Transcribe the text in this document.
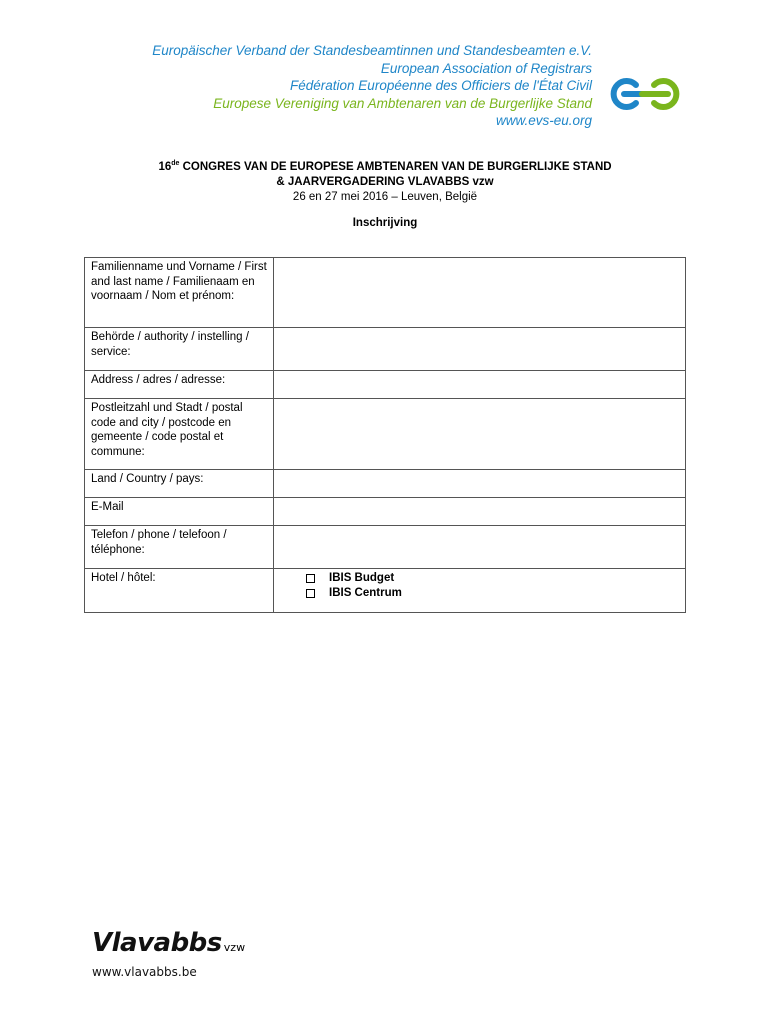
Europäischer Verband der Standesbeamtinnen und Standesbeamten e.V.
European Association of Registrars
Fédération Européenne des Officiers de l'État Civil
Europese Vereniging van Ambtenaren van de Burgerlijke Stand
www.evs-eu.org
16de CONGRES VAN DE EUROPESE AMBTENAREN VAN DE BURGERLIJKE STAND
& JAARVERGADERING VLAVABBS vzw
26 en 27 mei 2016 – Leuven, België
Inschrijving
Familienname und Vorname / First and last name / Familienaam en voornaam / Nom et prénom:	
Behörde / authority / instelling / service:	
Address / adres / adresse:	
Postleitzahl und Stadt / postal code and city / postcode en gemeente / code postal et commune:	
Land / Country / pays:	
E-Mail	
Telefon / phone / telefoon / téléphone:	
Hotel / hôtel:	IBIS Budget
IBIS Centrum
Vlavabbs vzw
www.vlavabbs.be
